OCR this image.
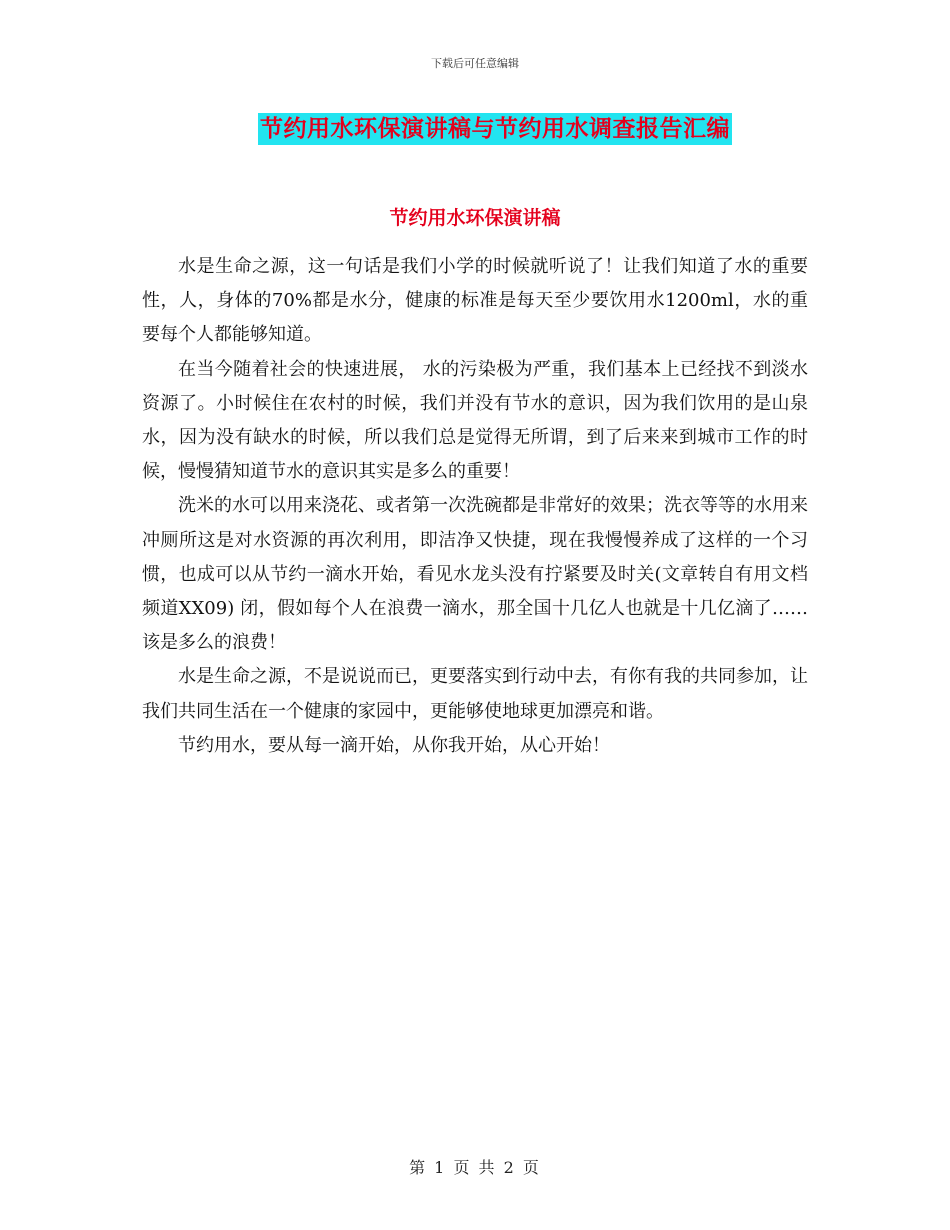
下载后可任意编辑
节约用水环保演讲稿与节约用水调查报告汇编
节约用水环保演讲稿

水是生命之源，这一句话是我们小学的时候就听说了！让我们知道了水的重要性，人，身体的70%都是水分，健康的标准是每天至少要饮用水1200ml，水的重要每个人都能够知道。

在当今随着社会的快速进展， 水的污染极为严重，我们基本上已经找不到淡水资源了。小时候住在农村的时候，我们并没有节水的意识，因为我们饮用的是山泉水，因为没有缺水的时候，所以我们总是觉得无所谓，到了后来来到城市工作的时候，慢慢猜知道节水的意识其实是多么的重要！

洗米的水可以用来浇花、或者第一次洗碗都是非常好的效果；洗衣等等的水用来冲厕所这是对水资源的再次利用，即洁净又快捷，现在我慢慢养成了这样的一个习惯，也成可以从节约一滴水开始，看见水龙头没有拧紧要及时关(文章转自有用文档频道XX09) 闭，假如每个人在浪费一滴水，那全国十几亿人也就是十几亿滴了……该是多么的浪费！

水是生命之源，不是说说而已，更要落实到行动中去，有你有我的共同参加，让我们共同生活在一个健康的家园中，更能够使地球更加漂亮和谐。

节约用水，要从每一滴开始，从你我开始，从心开始！

第 1 页 共 2 页
